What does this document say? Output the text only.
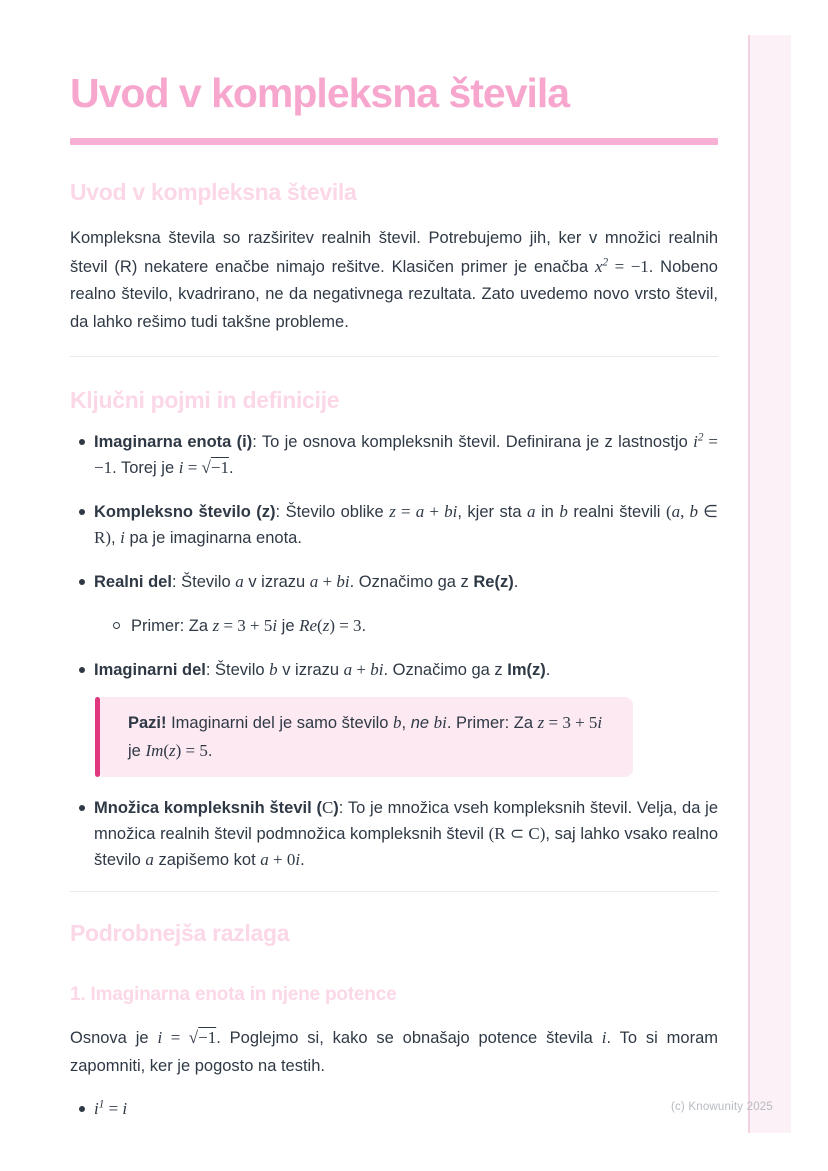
Uvod v kompleksna števila
Uvod v kompleksna števila

Kompleksna števila so razširitev realnih števil. Potrebujemo jih, ker v množici realnih števil (R) nekatere enačbe nimajo rešitve. Klasičen primer je enačba $x^2 = -1$. Nobeno realno število, kvadrirano, ne da negativnega rezultata. Zato uvedemo novo vrsto števil, da lahko rešimo tudi takšne probleme.

Ključni pojmi in definicije
Imaginarna enota (i): To je osnova kompleksnih števil. Definirana je z lastnostjo $i^2 = -1$. Torej je i = √−1.
Kompleksno število (z): Število oblike z = a + bi, kjer sta a in b realni števili (a, b ∈ R), i pa je imaginarna enota.
Realni del: Število a v izrazu a + bi. Označimo ga z Re(z).
Primer: Za z = 3 + 5i je Re(z) = 3.
Imaginarni del: Število b v izrazu a + bi. Označimo ga z Im(z).
Pazi! Imaginarni del je samo število b, ne bi. Primer: Za z = 3 + 5i je Im(z) = 5.
Množica kompleksnih števil (C): To je množica vseh kompleksnih števil. Velja, da je množica realnih števil podmnožica kompleksnih števil (R ⊂ C), saj lahko vsako realno število a zapišemo kot a + 0i.
Podrobnejša razlaga
1. Imaginarna enota in njene potence

Osnova je i = √−1. Poglejmo si, kako se obnašajo potence števila i. To si moram zapomniti, ker je pogosto na testih.

$i^1 = i$	(c) Knowunity 2025
